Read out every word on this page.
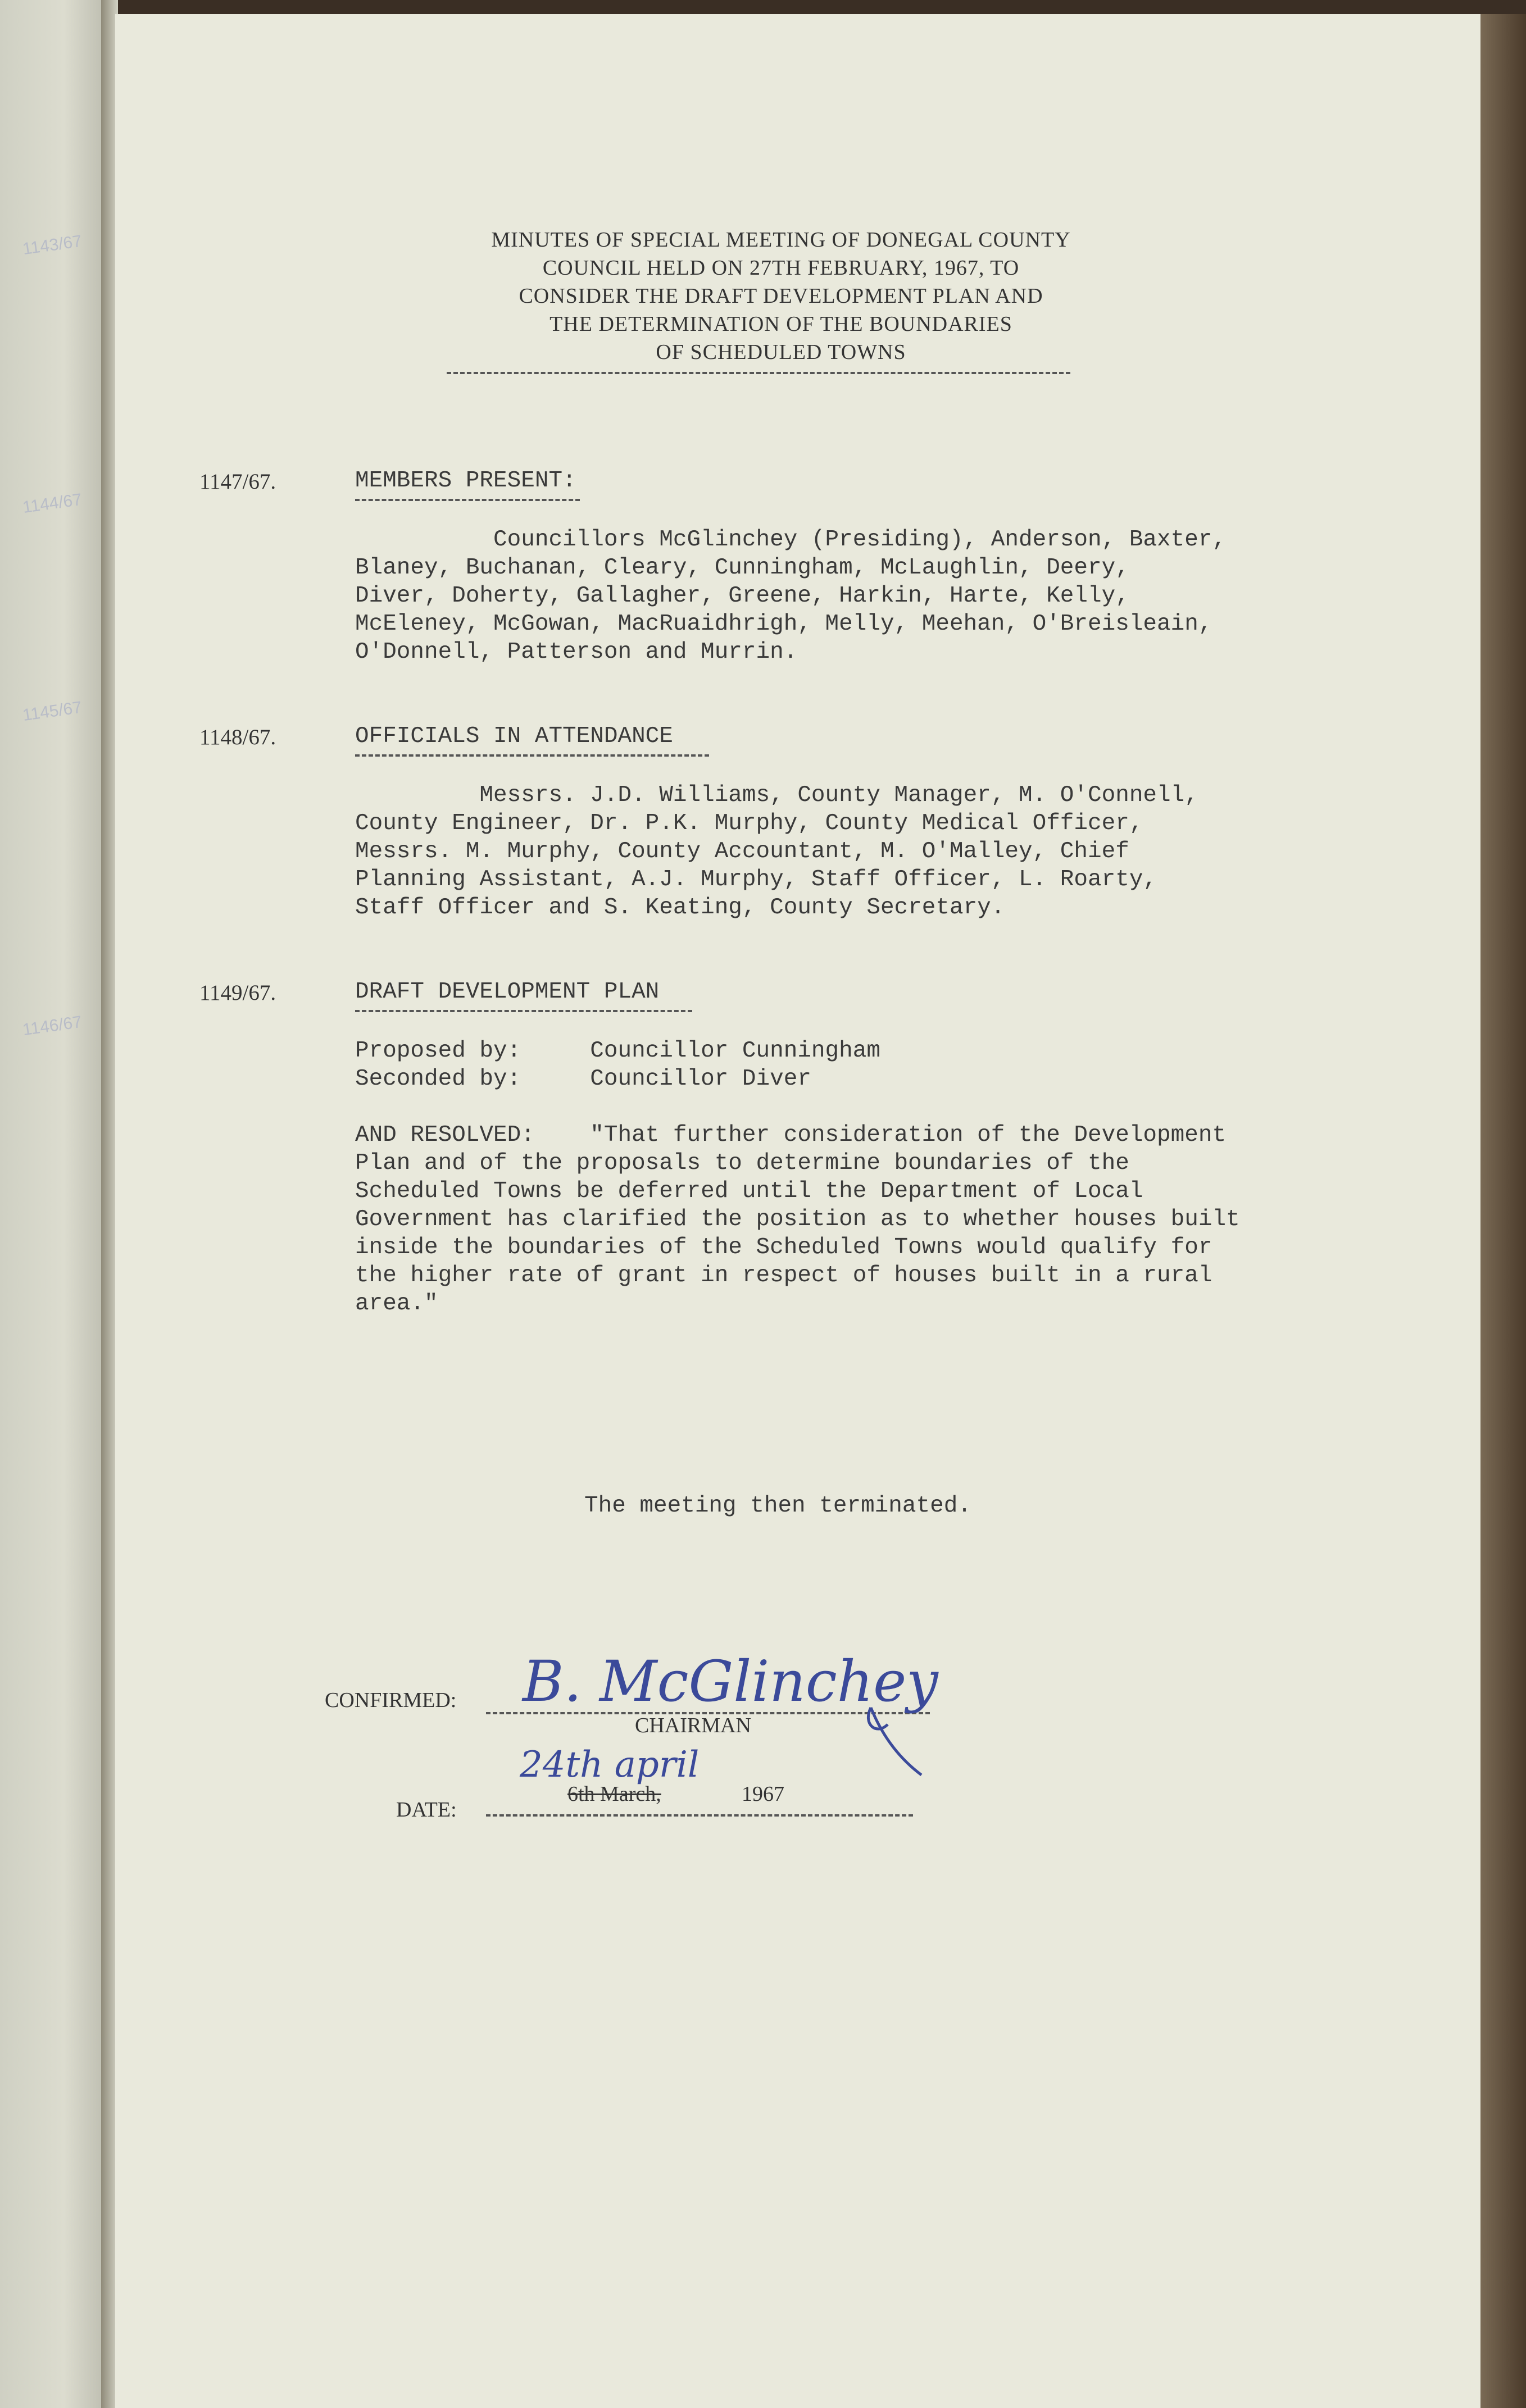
1143/67
1144/67
1145/67
1146/67
MINUTES OF SPECIAL MEETING OF DONEGAL COUNTY
COUNCIL HELD ON 27TH FEBRUARY, 1967, TO
CONSIDER THE DRAFT DEVELOPMENT PLAN AND
THE DETERMINATION OF THE BOUNDARIES
OF SCHEDULED TOWNS
1147/67.	MEMBERS PRESENT:
Councillors McGlinchey (Presiding), Anderson, Baxter,
Blaney, Buchanan, Cleary, Cunningham, McLaughlin, Deery,
Diver, Doherty, Gallagher, Greene, Harkin, Harte, Kelly,
McEleney, McGowan, MacRuaidhrigh, Melly, Meehan, O'Breisleain,
O'Donnell, Patterson and Murrin.
1148/67.	OFFICIALS IN ATTENDANCE
Messrs. J.D. Williams, County Manager, M. O'Connell,
County Engineer, Dr. P.K. Murphy, County Medical Officer,
Messrs. M. Murphy, County Accountant, M. O'Malley, Chief
Planning Assistant, A.J. Murphy, Staff Officer, L. Roarty,
Staff Officer and S. Keating, County Secretary.
1149/67.	DRAFT DEVELOPMENT PLAN
Proposed by:     Councillor Cunningham
Seconded by:     Councillor Diver
AND RESOLVED:    "That further consideration of the Development
Plan and of the proposals to determine boundaries of the
Scheduled Towns be deferred until the Department of Local
Government has clarified the position as to whether houses built
inside the boundaries of the Scheduled Towns would qualify for
the higher rate of grant in respect of houses built in a rural
area."
The meeting then terminated.
CONFIRMED: B. McGlinchey
CHAIRMAN
24th april
DATE:
6th March,	1967
